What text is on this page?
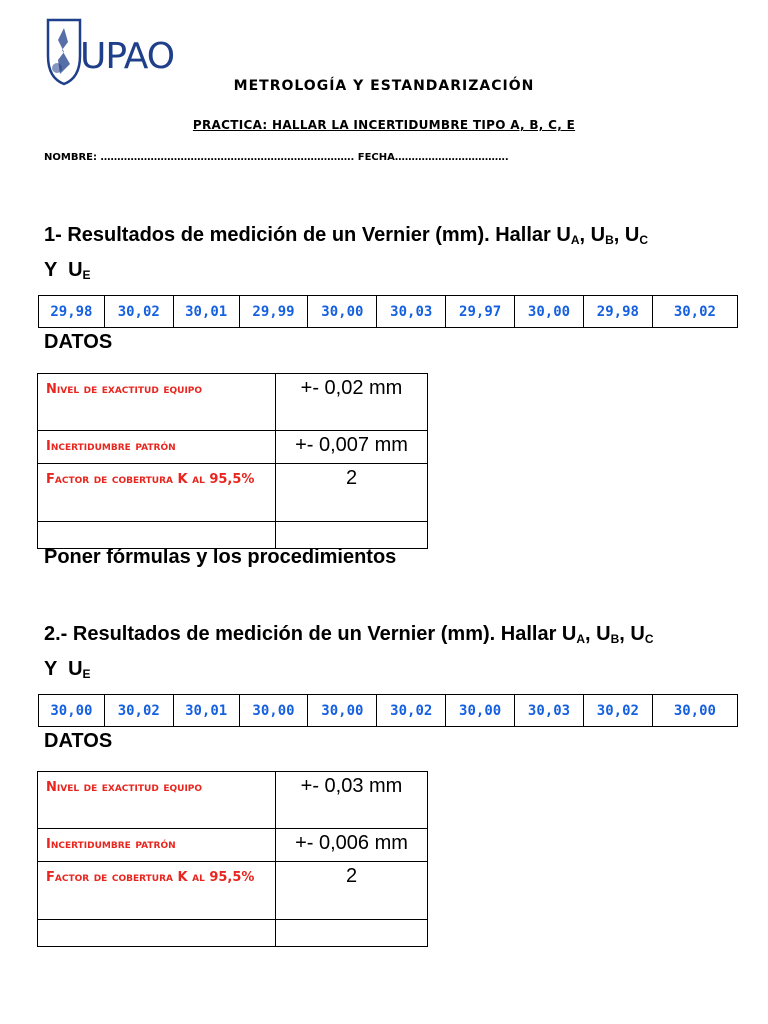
UPAO
METROLOGÍA Y ESTANDARIZACIÓN
PRACTICA: HALLAR LA INCERTIDUMBRE TIPO A, B, C, E
NOMBRE: …………………………………………………………………. FECHA…………………………….
1- Resultados de medición de un Vernier (mm). Hallar $U_A$, $U_B$, $U_C$
Y  $U_E$
29,98	30,02	30,01	29,99	30,00	30,03	29,97	30,00	29,98	30,02
DATOS
Nivel de exactitud equipo	+- 0,02 mm
Incertidumbre patrón	+- 0,007 mm
Factor de cobertura K al 95,5%	2

Poner fórmulas y los procedimientos
2.- Resultados de medición de un Vernier (mm). Hallar $U_A$, $U_B$, $U_C$
Y  $U_E$
30,00	30,02	30,01	30,00	30,00	30,02	30,00	30,03	30,02	30,00
DATOS
Nivel de exactitud equipo	+- 0,03 mm
Incertidumbre patrón	+- 0,006 mm
Factor de cobertura K al 95,5%	2
